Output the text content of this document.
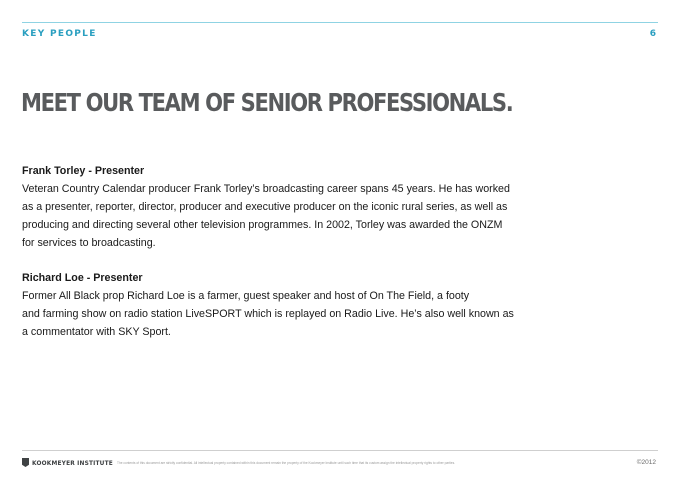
KEY PEOPLE	6
MEET OUR TEAM OF SENIOR PROFESSIONALS.
Frank Torley - Presenter
Veteran Country Calendar producer Frank Torley’s broadcasting career spans 45 years. He has worked
as a presenter, reporter, director, producer and executive producer on the iconic rural series, as well as
producing and directing several other television programmes. In 2002, Torley was awarded the ONZM
for services to broadcasting.
Richard Loe - Presenter
Former All Black prop Richard Loe is a farmer, guest speaker and host of On The Field, a footy
and farming show on radio station LiveSPORT which is replayed on Radio Live. He’s also well known as
a commentator with SKY Sport.
KOOKMEYER INSTITUTE The contents of this document are strictly confidential. All intellectual property contained within this document remain the property of the Kookmeyer Institute until such time that its custom assign the intellectual property rights to other parties.	©2012
